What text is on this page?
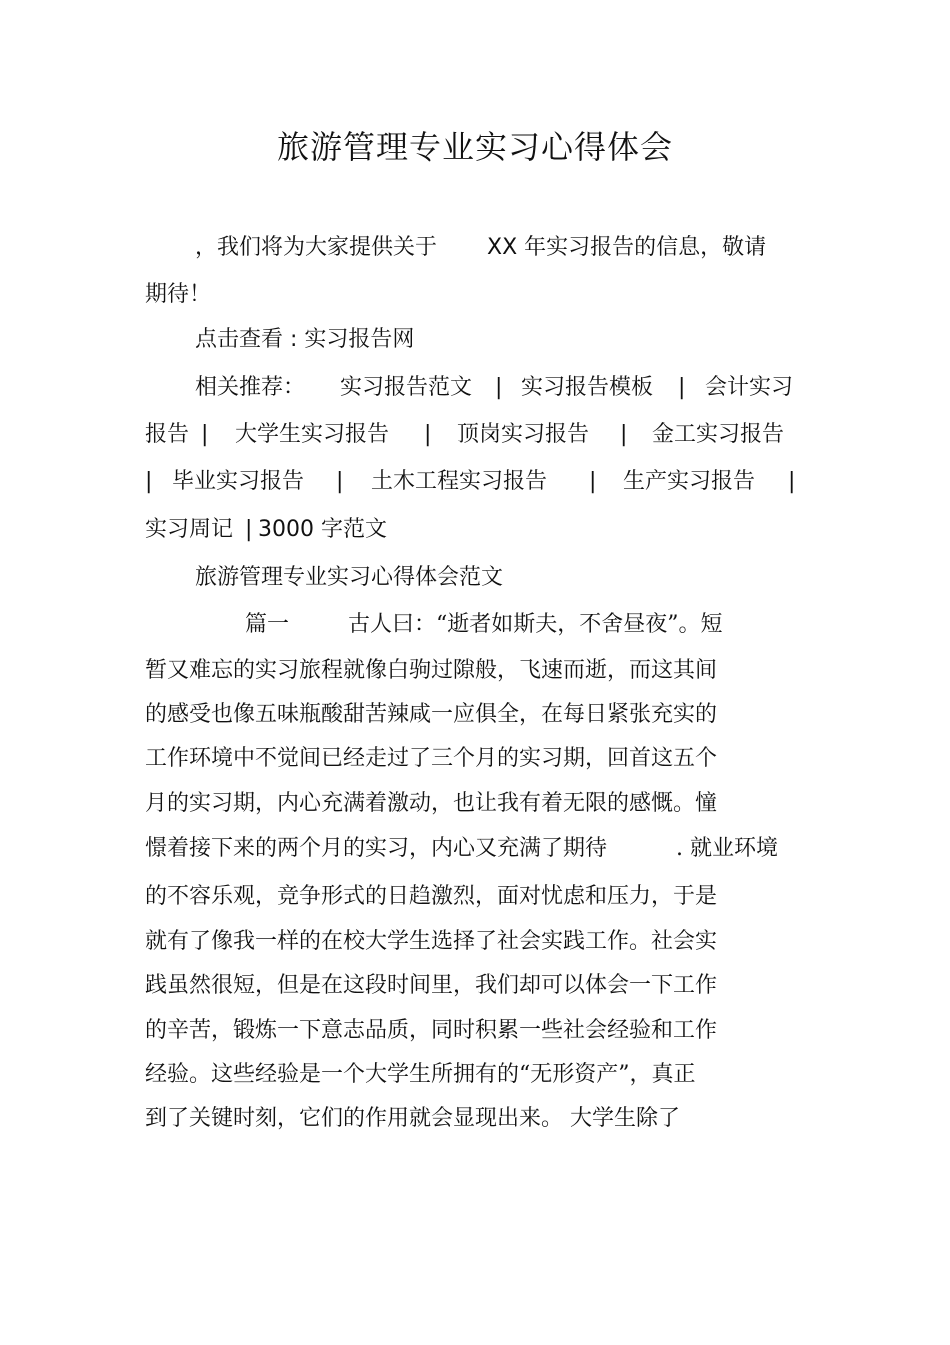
旅游管理专业实习心得体会
，我们将为大家提供关于 XX 年实习报告的信息，敬请
期待！
点击查看 : 实习报告网
相关推荐： 实习报告范文 | 实习报告模板 | 会计实习
报告 | 大学生实习报告 | 顶岗实习报告 | 金工实习报告
| 毕业实习报告 | 土木工程实习报告 | 生产实习报告 |
实习周记 | 3000 字范文
旅游管理专业实习心得体会范文
篇一	古人曰：“逝者如斯夫，不舍昼夜”。短
暂又难忘的实习旅程就像白驹过隙般，飞速而逝，而这其间
的感受也像五味瓶酸甜苦辣咸一应俱全，在每日紧张充实的
工作环境中不觉间已经走过了三个月的实习期，回首这五个
月的实习期，内心充满着激动，也让我有着无限的感慨。憧
憬着接下来的两个月的实习，内心又充满了期待	. 就业环境
的不容乐观，竞争形式的日趋激烈，面对忧虑和压力，于是
就有了像我一样的在校大学生选择了社会实践工作。社会实
践虽然很短，但是在这段时间里，我们却可以体会一下工作
的辛苦，锻炼一下意志品质，同时积累一些社会经验和工作
经验。这些经验是一个大学生所拥有的“无形资产”，真正
到了关键时刻，它们的作用就会显现出来。 大学生除了
